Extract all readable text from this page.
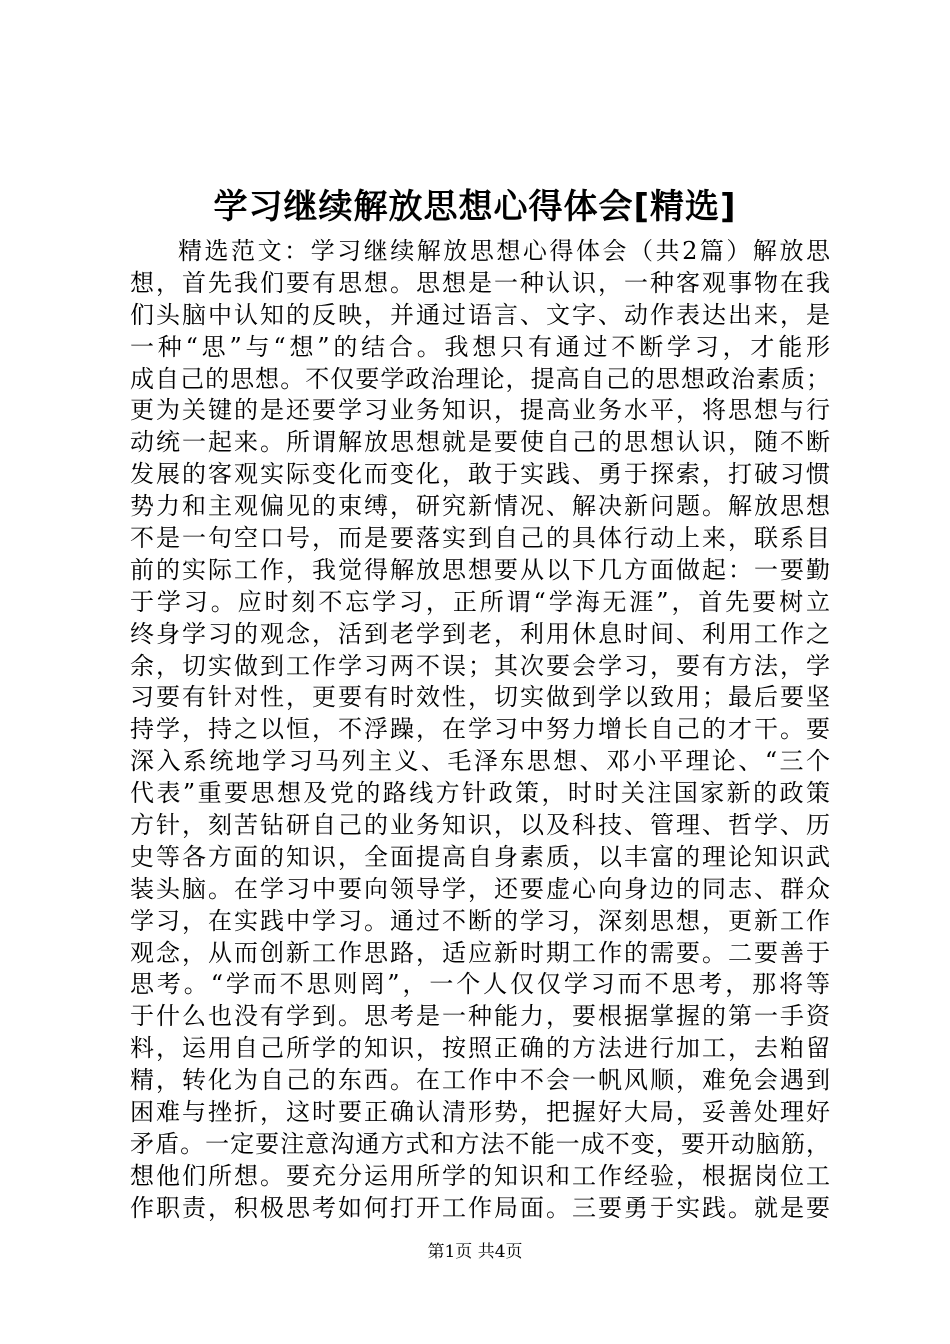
学习继续解放思想心得体会[精选]
精选范文：学习继续解放思想心得体会（共2篇）解放思
想，首先我们要有思想。思想是一种认识，一种客观事物在我
们头脑中认知的反映，并通过语言、文字、动作表达出来，是
一种“思”与“想”的结合。我想只有通过不断学习，才能形
成自己的思想。不仅要学政治理论，提高自己的思想政治素质；
更为关键的是还要学习业务知识，提高业务水平，将思想与行
动统一起来。所谓解放思想就是要使自己的思想认识，随不断
发展的客观实际变化而变化，敢于实践、勇于探索，打破习惯
势力和主观偏见的束缚，研究新情况、解决新问题。解放思想
不是一句空口号，而是要落实到自己的具体行动上来，联系目
前的实际工作，我觉得解放思想要从以下几方面做起：一要勤
于学习。应时刻不忘学习，正所谓“学海无涯”，首先要树立
终身学习的观念，活到老学到老，利用休息时间、利用工作之
余，切实做到工作学习两不误；其次要会学习，要有方法，学
习要有针对性，更要有时效性，切实做到学以致用；最后要坚
持学，持之以恒，不浮躁，在学习中努力增长自己的才干。要
深入系统地学习马列主义、毛泽东思想、邓小平理论、“三个
代表”重要思想及党的路线方针政策，时时关注国家新的政策
方针，刻苦钻研自己的业务知识，以及科技、管理、哲学、历
史等各方面的知识，全面提高自身素质，以丰富的理论知识武
装头脑。在学习中要向领导学，还要虚心向身边的同志、群众
学习，在实践中学习。通过不断的学习，深刻思想，更新工作
观念，从而创新工作思路，适应新时期工作的需要。二要善于
思考。“学而不思则罔”，一个人仅仅学习而不思考，那将等
于什么也没有学到。思考是一种能力，要根据掌握的第一手资
料，运用自己所学的知识，按照正确的方法进行加工，去粕留
精，转化为自己的东西。在工作中不会一帆风顺，难免会遇到
困难与挫折，这时要正确认清形势，把握好大局，妥善处理好
矛盾。一定要注意沟通方式和方法不能一成不变，要开动脑筋，
想他们所想。要充分运用所学的知识和工作经验，根据岗位工
作职责，积极思考如何打开工作局面。三要勇于实践。就是要
第1页 共4页
